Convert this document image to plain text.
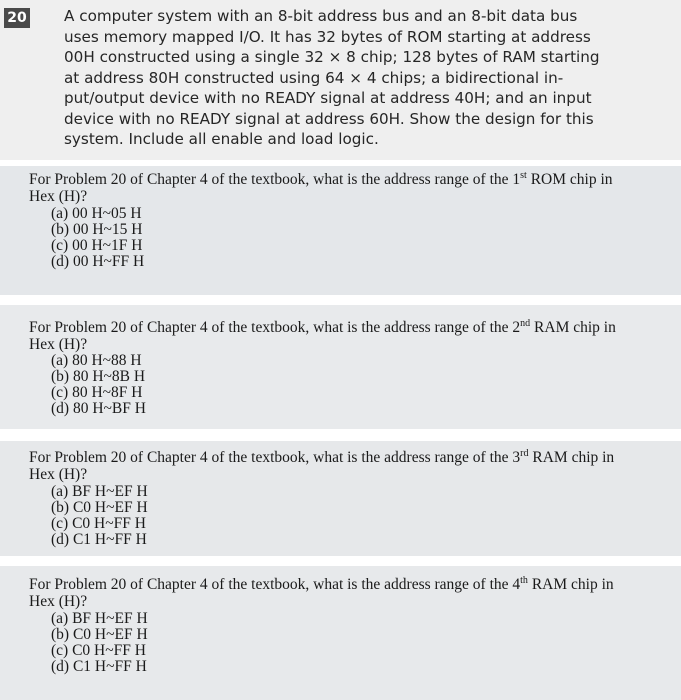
20 A computer system with an 8-bit address bus and an 8-bit data bus
uses memory mapped I/O. It has 32 bytes of ROM starting at address
00H constructed using a single 32 × 8 chip; 128 bytes of RAM starting
at address 80H constructed using 64 × 4 chips; a bidirectional in-
put/output device with no READY signal at address 40H; and an input
device with no READY signal at address 60H. Show the design for this
system. Include all enable and load logic.

For Problem 20 of Chapter 4 of the textbook, what is the address range of the 1st ROM chip in
Hex (H)?

(a) 00 H~05 H
(b) 00 H~15 H
(c) 00 H~1F H
(d) 00 H~FF H

For Problem 20 of Chapter 4 of the textbook, what is the address range of the 2nd RAM chip in
Hex (H)?

(a) 80 H~88 H
(b) 80 H~8B H
(c) 80 H~8F H
(d) 80 H~BF H

For Problem 20 of Chapter 4 of the textbook, what is the address range of the 3rd RAM chip in
Hex (H)?

(a) BF H~EF H
(b) C0 H~EF H
(c) C0 H~FF H
(d) C1 H~FF H

For Problem 20 of Chapter 4 of the textbook, what is the address range of the 4th RAM chip in
Hex (H)?

(a) BF H~EF H
(b) C0 H~EF H
(c) C0 H~FF H
(d) C1 H~FF H
